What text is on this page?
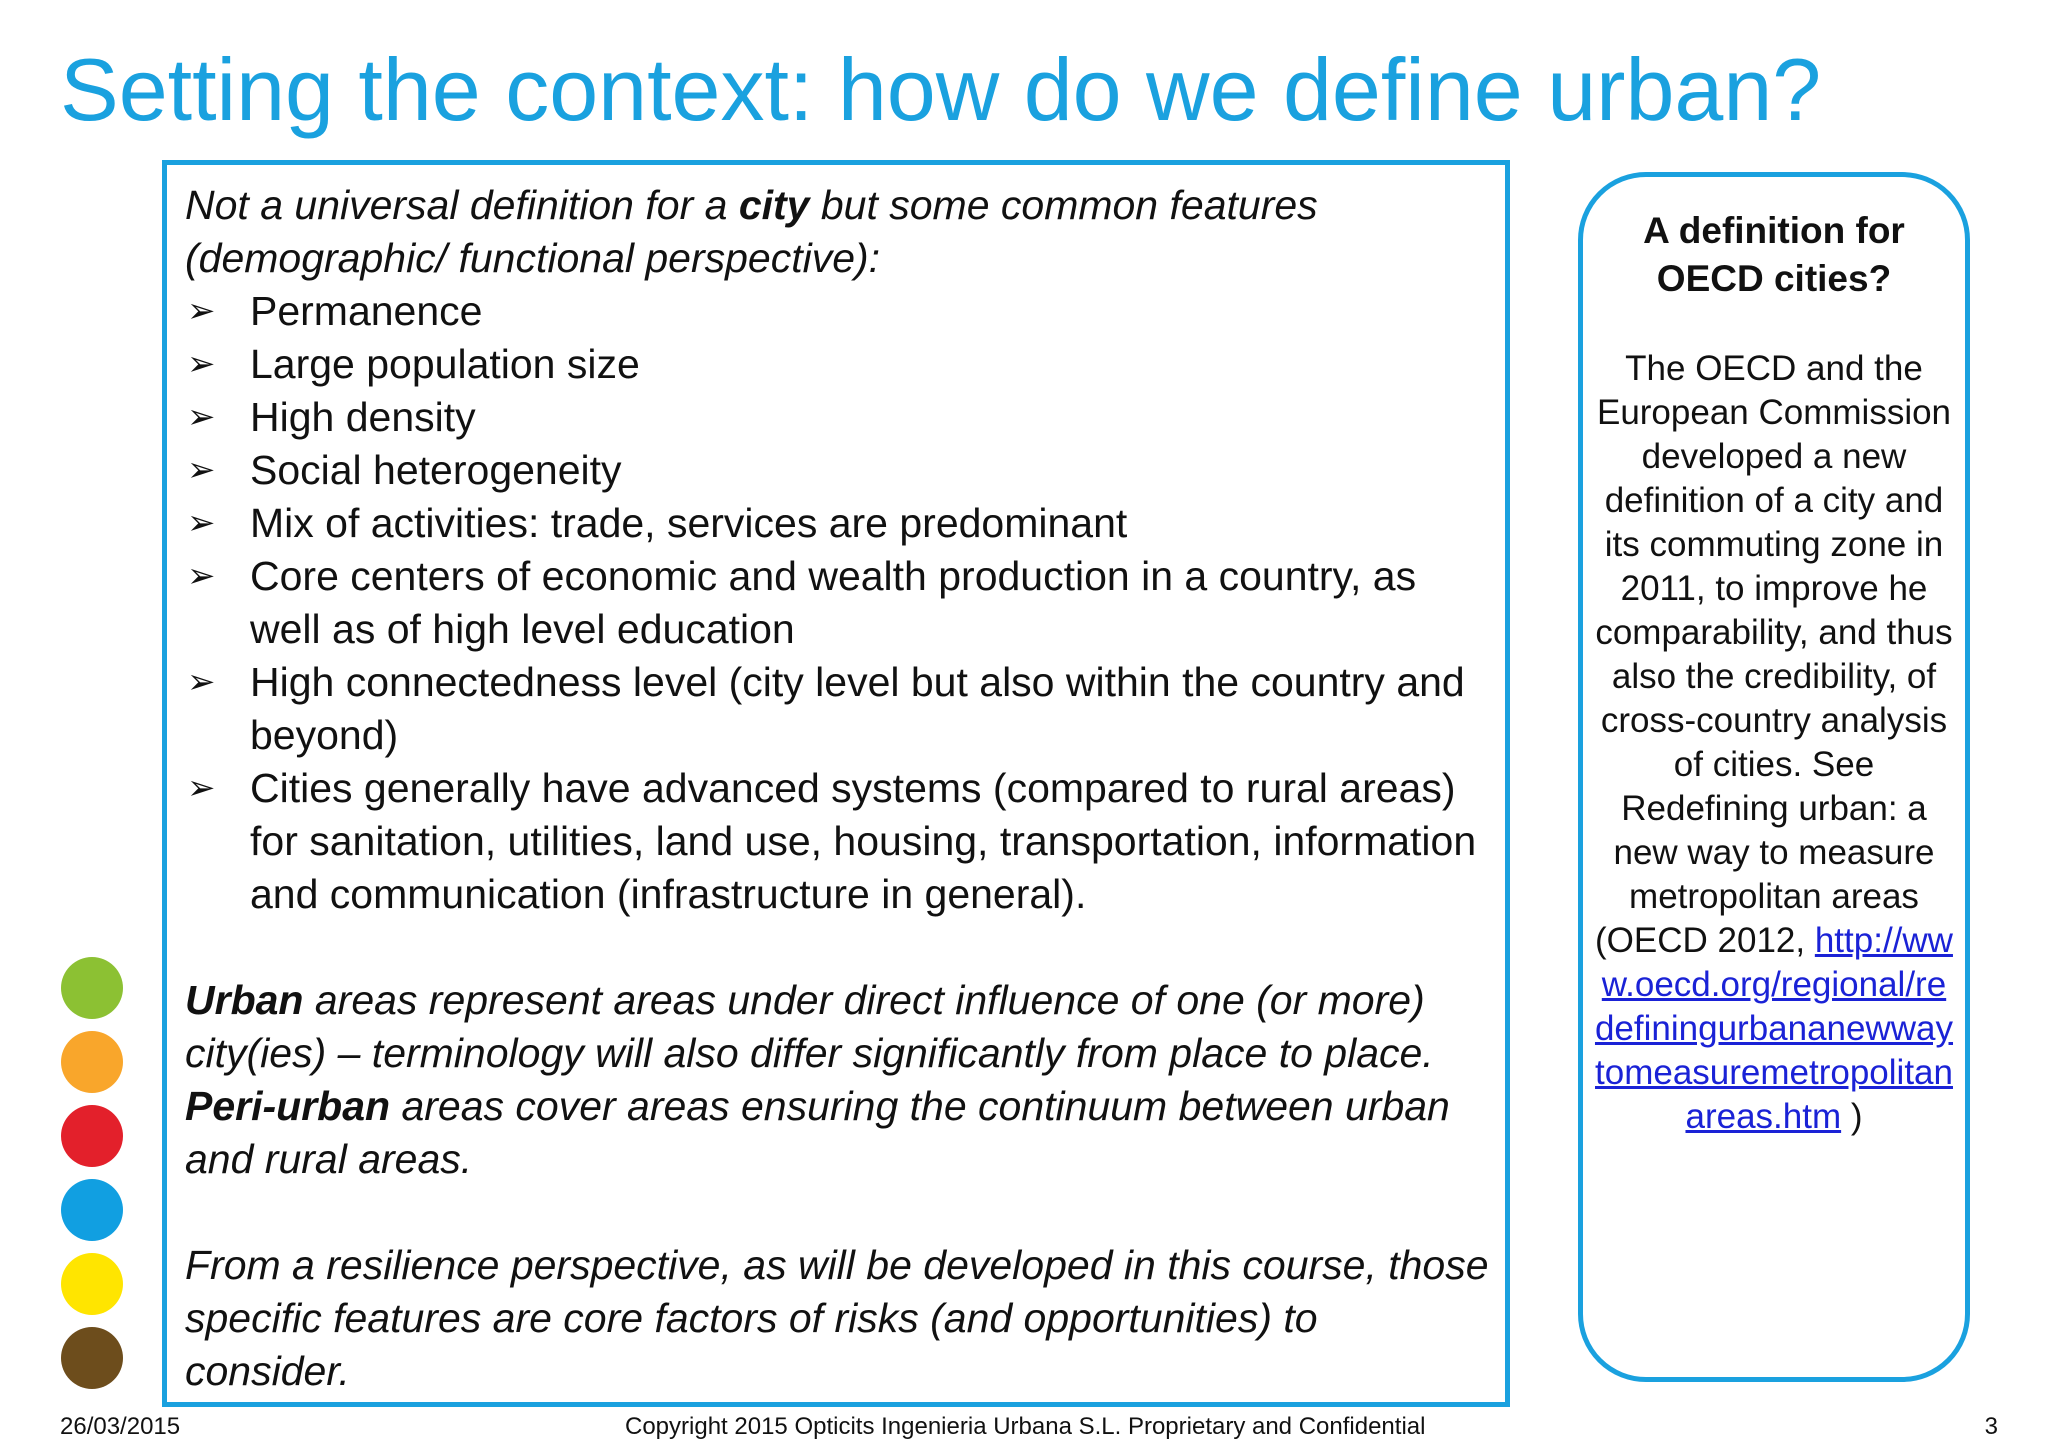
Setting the context: how do we define urban?

Not a universal definition for a city but some common features (demographic/ functional perspective):

➢ Permanence
➢ Large population size
➢ High density
➢ Social heterogeneity
➢ Mix of activities: trade, services are predominant
➢ Core centers of economic and wealth production in a country, as well as of high level education
➢ High connectedness level (city level but also within the country and beyond)
➢ Cities generally have advanced systems (compared to rural areas) for sanitation, utilities, land use, housing, transportation, information and communication (infrastructure in general).

Urban areas represent areas under direct influence of one (or more) city(ies) – terminology will also differ significantly from place to place. Peri-urban areas cover areas ensuring the continuum between urban and rural areas.

From a resilience perspective, as will be developed in this course, those specific features are core factors of risks (and opportunities) to consider.

A definition for OECD cities?

The OECD and the European Commission developed a new definition of a city and its commuting zone in 2011, to improve he comparability, and thus also the credibility, of cross-country analysis of cities. See Redefining urban: a new way to measure metropolitan areas (OECD 2012, http://www.oecd.org/regional/redefiningurbananewwaytomeasuremetropolitanareas.htm )

26/03/2015	Copyright 2015 Opticits Ingenieria Urbana S.L. Proprietary and Confidential	3
